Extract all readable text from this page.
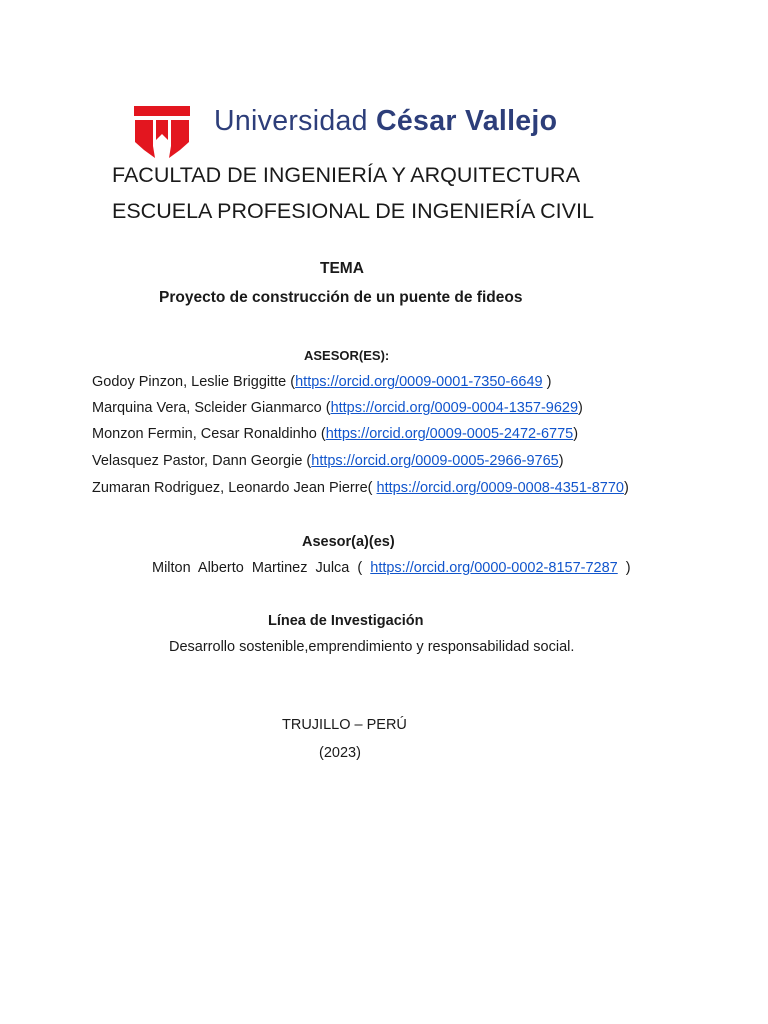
Universidad César Vallejo
FACULTAD DE INGENIERÍA Y ARQUITECTURA
ESCUELA PROFESIONAL DE INGENIERÍA CIVIL
TEMA
Proyecto de construcción de un puente de fideos
ASESOR(ES):
Godoy Pinzon, Leslie Briggitte (https://orcid.org/0009-0001-7350-6649 )
Marquina Vera, Scleider Gianmarco (https://orcid.org/0009-0004-1357-9629)
Monzon Fermin, Cesar Ronaldinho (https://orcid.org/0009-0005-2472-6775)
Velasquez Pastor, Dann Georgie (https://orcid.org/0009-0005-2966-9765)
Zumaran Rodriguez, Leonardo Jean Pierre( https://orcid.org/0009-0008-4351-8770)
Asesor(a)(es)
Milton Alberto Martinez Julca ( https://orcid.org/0000-0002-8157-7287 )
Línea de Investigación
Desarrollo sostenible,emprendimiento y responsabilidad social.
TRUJILLO – PERÚ
(2023)
